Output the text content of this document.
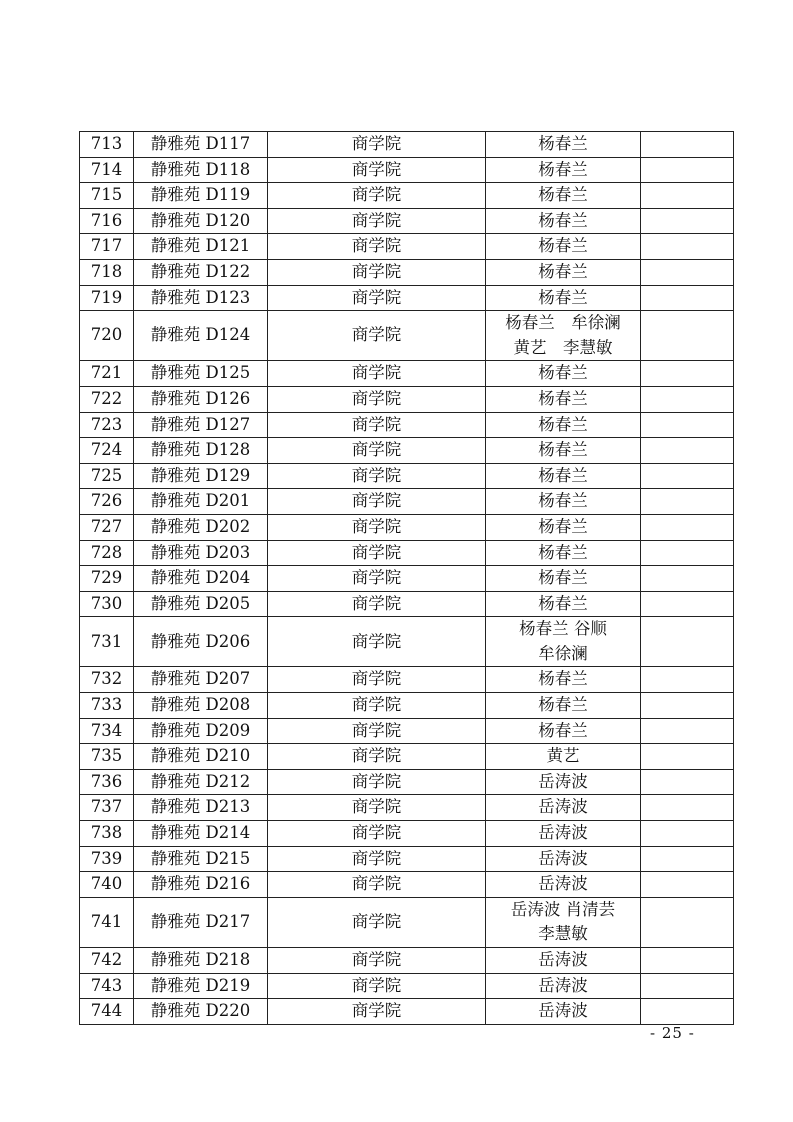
713	静雅苑 D117	商学院	杨春兰	

714	静雅苑 D118	商学院	杨春兰	

715	静雅苑 D119	商学院	杨春兰	

716	静雅苑 D120	商学院	杨春兰	

717	静雅苑 D121	商学院	杨春兰	

718	静雅苑 D122	商学院	杨春兰	

719	静雅苑 D123	商学院	杨春兰	

720	静雅苑 D124	商学院	杨春兰　牟徐澜
黄艺　李慧敏	

721	静雅苑 D125	商学院	杨春兰	

722	静雅苑 D126	商学院	杨春兰	

723	静雅苑 D127	商学院	杨春兰	

724	静雅苑 D128	商学院	杨春兰	

725	静雅苑 D129	商学院	杨春兰	

726	静雅苑 D201	商学院	杨春兰	

727	静雅苑 D202	商学院	杨春兰	

728	静雅苑 D203	商学院	杨春兰	

729	静雅苑 D204	商学院	杨春兰	

730	静雅苑 D205	商学院	杨春兰	

731	静雅苑 D206	商学院	杨春兰 谷顺
牟徐澜	

732	静雅苑 D207	商学院	杨春兰	

733	静雅苑 D208	商学院	杨春兰	

734	静雅苑 D209	商学院	杨春兰	

735	静雅苑 D210	商学院	黄艺	

736	静雅苑 D212	商学院	岳涛波	

737	静雅苑 D213	商学院	岳涛波	

738	静雅苑 D214	商学院	岳涛波	

739	静雅苑 D215	商学院	岳涛波	

740	静雅苑 D216	商学院	岳涛波	

741	静雅苑 D217	商学院	岳涛波 肖清芸
李慧敏	

742	静雅苑 D218	商学院	岳涛波	

743	静雅苑 D219	商学院	岳涛波	

744	静雅苑 D220	商学院	岳涛波	

- 25 -
